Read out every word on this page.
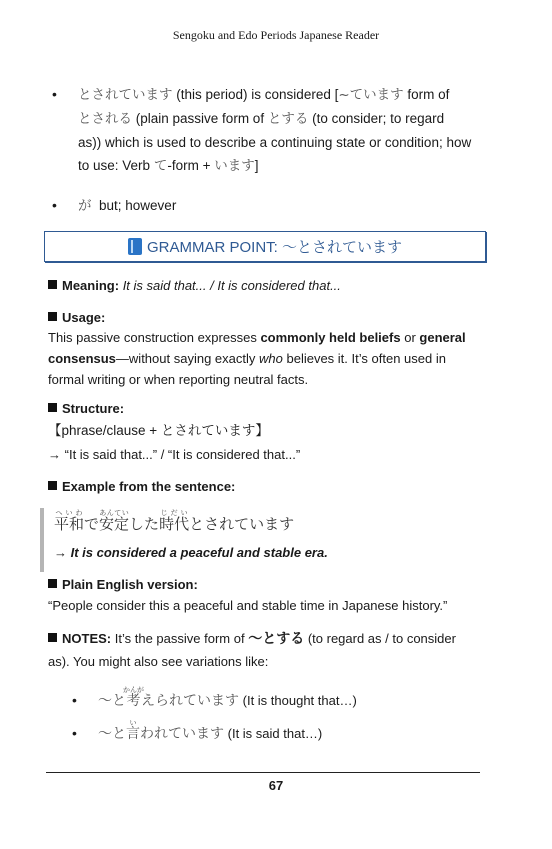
Sengoku and Edo Periods Japanese Reader
• とされています (this period) is considered [~ています form of
とされる (plain passive form of とする (to consider; to regard
as)) which is used to describe a continuing state or condition; how
to use: Verb て-form + います]
• が but; however
GRAMMAR POINT: ～とされています
Meaning: It is said that... / It is considered that...
Usage:
This passive construction expresses commonly held beliefs or general
consensus—without saying exactly who believes it. It’s often used in
formal writing or when reporting neutral facts.
Structure:
【phrase/clause + とされています】
→ “It is said that...” / “It is considered that...”
Example from the sentence:
平和へいわで安定あんていした時代じだいとされています
→ It is considered a peaceful and stable era.
Plain English version:
“People consider this a peaceful and stable time in Japanese history.”
NOTES: It’s the passive form of ～とする (to regard as / to consider
as). You might also see variations like:
• ～と考かんがえられています (It is thought that…)
• ～と言いわれています (It is said that…)
67
